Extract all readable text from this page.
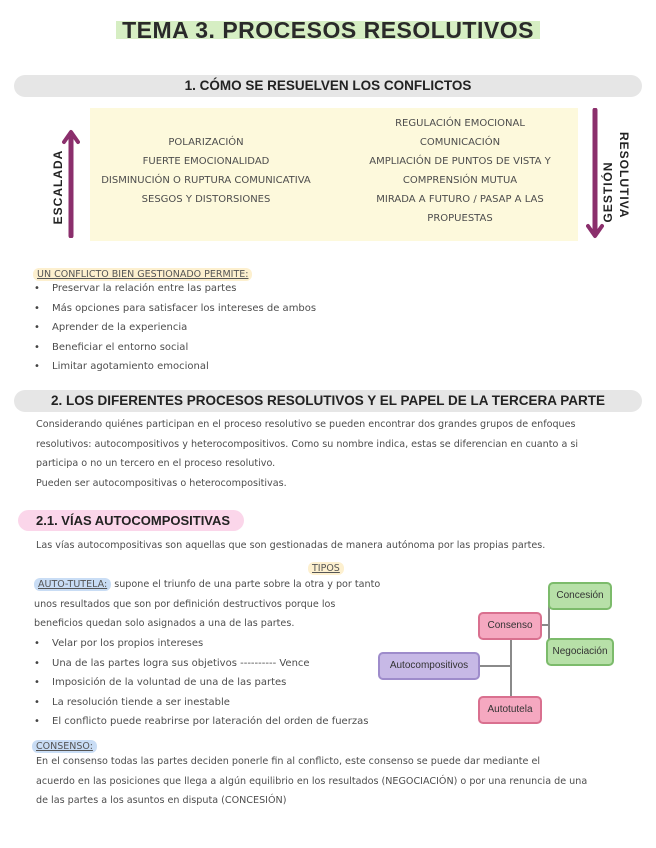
TEMA 3. PROCESOS RESOLUTIVOS
1. CÓMO SE RESUELVEN LOS CONFLICTOS
ESCALADA
POLARIZACIÓN
FUERTE EMOCIONALIDAD
DISMINUCIÓN O RUPTURA COMUNICATIVA
SESGOS Y DISTORSIONES
REGULACIÓN EMOCIONAL
COMUNICACIÓN
AMPLIACIÓN DE PUNTOS DE VISTA Y
COMPRENSIÓN MUTUA
MIRADA A FUTURO / PASAP A LAS
PROPUESTAS	GESTIÓN RESOLUTIVA
UN CONFLICTO BIEN GESTIONADO PERMITE:
• Preservar la relación entre las partes
• Más opciones para satisfacer los intereses de ambos
• Aprender de la experiencia
• Beneficiar el entorno social
• Limitar agotamiento emocional
2. LOS DIFERENTES PROCESOS RESOLUTIVOS Y EL PAPEL DE LA TERCERA PARTE
Considerando quiénes participan en el proceso resolutivo se pueden encontrar dos grandes grupos de enfoques
resolutivos: autocompositivos y heterocompositivos. Como su nombre indica, estas se diferencian en cuanto a si
participa o no un tercero en el proceso resolutivo.
Pueden ser autocompositivas o heterocompositivas.
2.1. VÍAS AUTOCOMPOSITIVAS
Las vías autocompositivas son aquellas que son gestionadas de manera autónoma por las propias partes.
TIPOS
AUTO-TUTELA: supone el triunfo de una parte sobre la otra y por tanto
unos resultados que son por definición destructivos porque los
beneficios quedan solo asignados a una de las partes.
• Velar por los propios intereses
• Una de las partes logra sus objetivos ---------- Vence
• Imposición de la voluntad de una de las partes
• La resolución tiende a ser inestable
• El conflicto puede reabrirse por lateración del orden de fuerzas
Autocompositivos
Consenso
Autotutela
Concesión
Negociación
CONSENSO:
En el consenso todas las partes deciden ponerle fin al conflicto, este consenso se puede dar mediante el
acuerdo en las posiciones que llega a algún equilibrio en los resultados (NEGOCIACIÓN) o por una renuncia de una
de las partes a los asuntos en disputa (CONCESIÓN)
